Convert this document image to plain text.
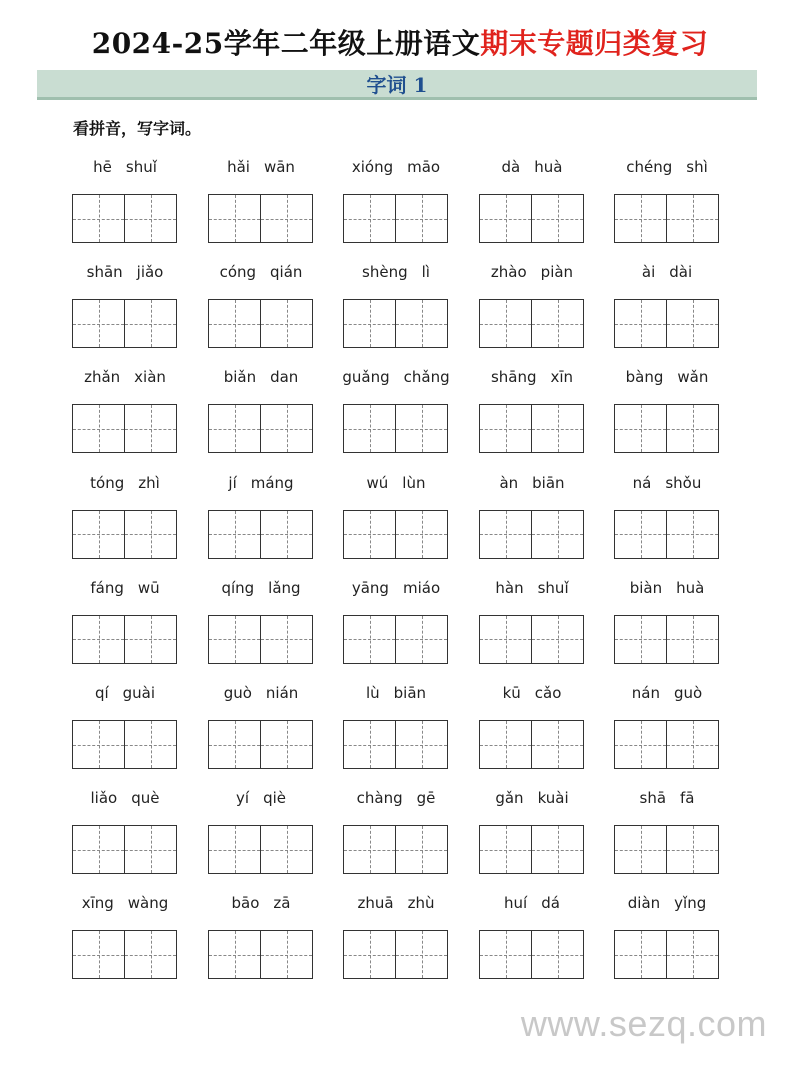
2024-25学年二年级上册语文期末专题归类复习
字词 1
看拼音，写字词。
hē shuǐ	hǎi wān	xióng māo	dà huà	chéng shì
shān jiǎo	cóng qián	shèng lì	zhào piàn	ài dài
zhǎn xiàn	biǎn dan	guǎng chǎng	shāng xīn	bàng wǎn
tóng zhì	jí máng	wú lùn	àn biān	ná shǒu
fáng wū	qíng lǎng	yāng miáo	hàn shuǐ	biàn huà
qí guài	guò nián	lù biān	kū cǎo	nán guò
liǎo què	yí qiè	chàng gē	gǎn kuài	shā fā
xīng wàng	bāo zā	zhuā zhù	huí dá	diàn yǐng
www.sezq.com
